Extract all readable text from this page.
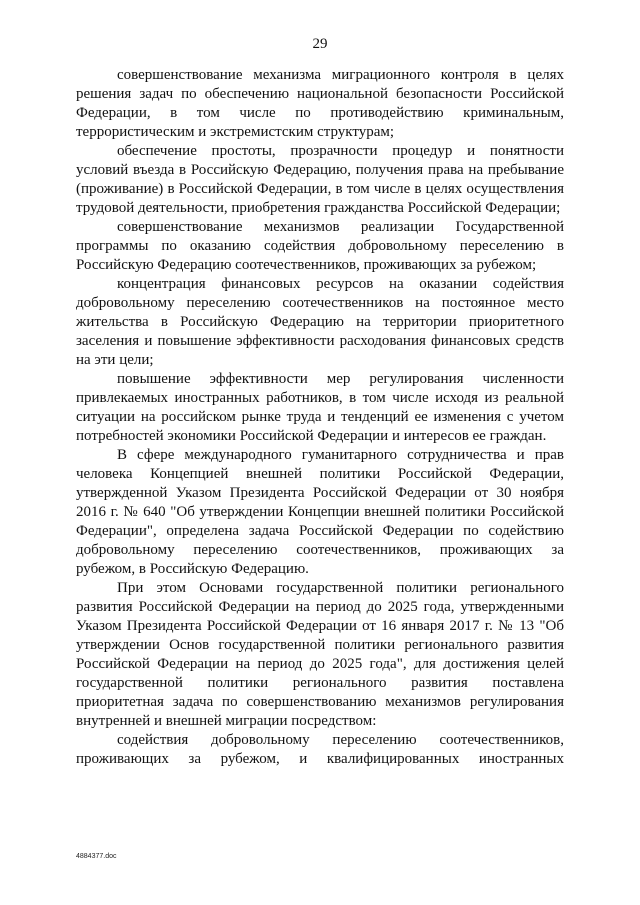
29

совершенствование механизма миграционного контроля в целях решения задач по обеспечению национальной безопасности Российской Федерации, в том числе по противодействию криминальным, террористическим и экстремистским структурам;

обеспечение простоты, прозрачности процедур и понятности условий въезда в Российскую Федерацию, получения права на пребывание (проживание) в Российской Федерации, в том числе в целях осуществления трудовой деятельности, приобретения гражданства Российской Федерации;

совершенствование механизмов реализации Государственной программы по оказанию содействия добровольному переселению в Российскую Федерацию соотечественников, проживающих за рубежом;

концентрация финансовых ресурсов на оказании содействия добровольному переселению соотечественников на постоянное место жительства в Российскую Федерацию на территории приоритетного заселения и повышение эффективности расходования финансовых средств на эти цели;

повышение эффективности мер регулирования численности привлекаемых иностранных работников, в том числе исходя из реальной ситуации на российском рынке труда и тенденций ее изменения с учетом потребностей экономики Российской Федерации и интересов ее граждан.

В сфере международного гуманитарного сотрудничества и прав человека Концепцией внешней политики Российской Федерации, утвержденной Указом Президента Российской Федерации от 30 ноября 2016 г. № 640 "Об утверждении Концепции внешней политики Российской Федерации", определена задача Российской Федерации по содействию добровольному переселению соотечественников, проживающих за рубежом, в Российскую Федерацию.

При этом Основами государственной политики регионального развития Российской Федерации на период до 2025 года, утвержденными Указом Президента Российской Федерации от 16 января 2017 г. № 13 "Об утверждении Основ государственной политики регионального развития Российской Федерации на период до 2025 года", для достижения целей государственной политики регионального развития поставлена приоритетная задача по совершенствованию механизмов регулирования внутренней и внешней миграции посредством:

содействия добровольному переселению соотечественников, проживающих за рубежом, и квалифицированных иностранных

4884377.doc
